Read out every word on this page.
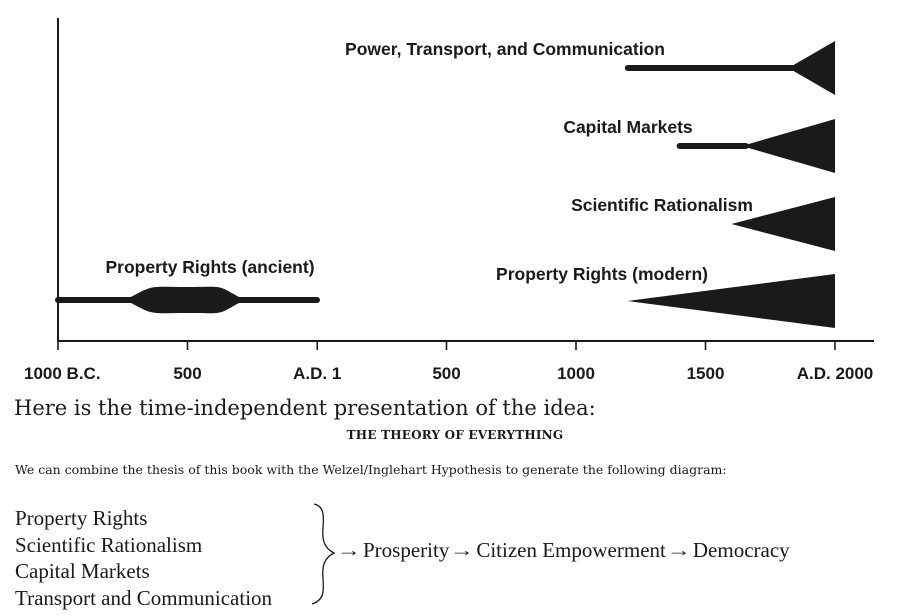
1000 B.C.	500	A.D. 1	500	1000	1500	A.D. 2000
Power, Transport, and Communication
Capital Markets
Scientific Rationalism
Property Rights (modern)
Property Rights (ancient)
Here is the time-independent presentation of the idea:
THE THEORY OF EVERYTHING
We can combine the thesis of this book with the Welzel/Inglehart Hypothesis to generate the following diagram:
Property Rights
Scientific Rationalism
Capital Markets
Transport and Communication
→ Prosperity → Citizen Empowerment → Democracy
